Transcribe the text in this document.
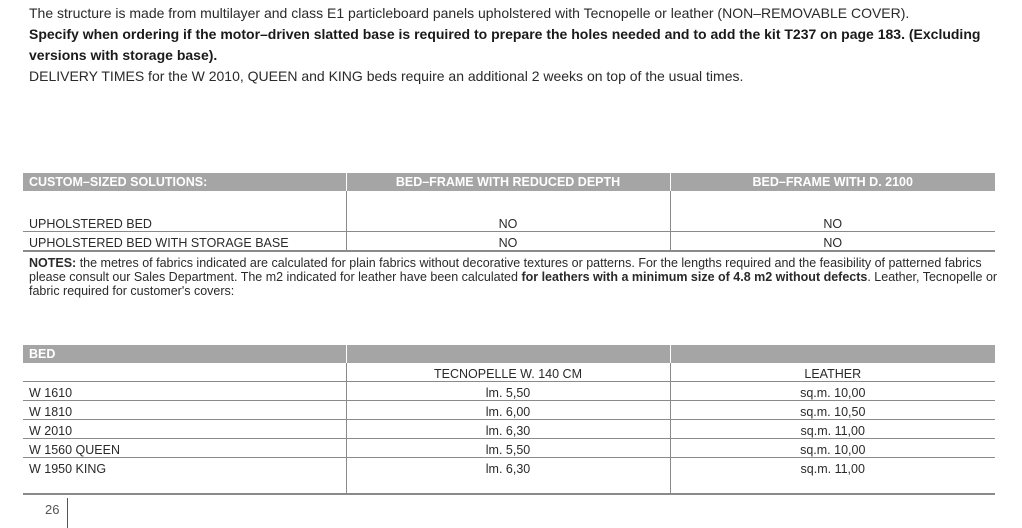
The structure is made from multilayer and class E1 particleboard panels upholstered with Tecnopelle or leather (NON–REMOVABLE COVER).

Specify when ordering if the motor–driven slatted base is required to prepare the holes needed and to add the kit T237 on page 183. (Excluding versions with storage base).

DELIVERY TIMES for the W 2010, QUEEN and KING beds require an additional 2 weeks on top of the usual times.

CUSTOM–SIZED SOLUTIONS:	BED–FRAME WITH REDUCED DEPTH	BED–FRAME WITH D. 2100

UPHOLSTERED BED	NO	NO
UPHOLSTERED BED WITH STORAGE BASE	NO	NO
NOTES: the metres of fabrics indicated are calculated for plain fabrics without decorative textures or patterns. For the lengths required and the feasibility of patterned fabrics please consult our Sales Department. The m2 indicated for leather have been calculated for leathers with a minimum size of 4.8 m2 without defects. Leather, Tecnopelle or fabric required for customer's covers:
BED		
	TECNOPELLE W. 140 CM	LEATHER
W 1610	lm. 5,50	sq.m. 10,00
W 1810	lm. 6,00	sq.m. 10,50
W 2010	lm. 6,30	sq.m. 11,00
W 1560 QUEEN	lm. 5,50	sq.m. 10,00
W 1950 KING	lm. 6,30	sq.m. 11,00

26
